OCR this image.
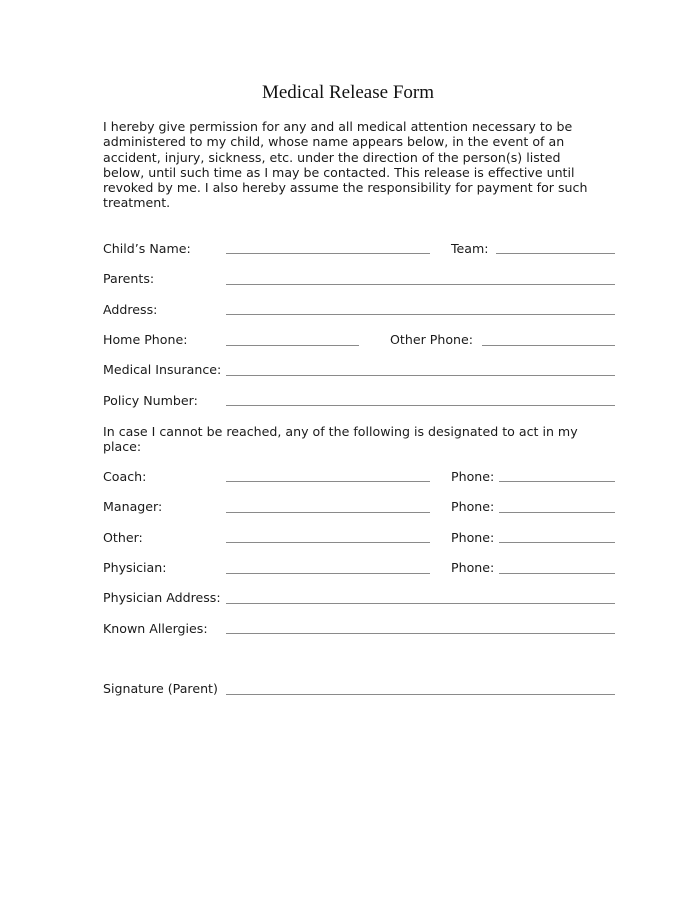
Medical Release Form
I hereby give permission for any and all medical attention necessary to be
administered to my child, whose name appears below, in the event of an
accident, injury, sickness, etc. under the direction of the person(s) listed
below, until such time as I may be contacted. This release is effective until
revoked by me. I also hereby assume the responsibility for payment for such
treatment.
Child’s Name:	Team:
Parents:
Address:
Home Phone:	Other Phone:
Medical Insurance:
Policy Number:
In case I cannot be reached, any of the following is designated to act in my
place:
Coach:	Phone:
Manager:	Phone:
Other:	Phone:
Physician:	Phone:
Physician Address:
Known Allergies:
Signature (Parent)
